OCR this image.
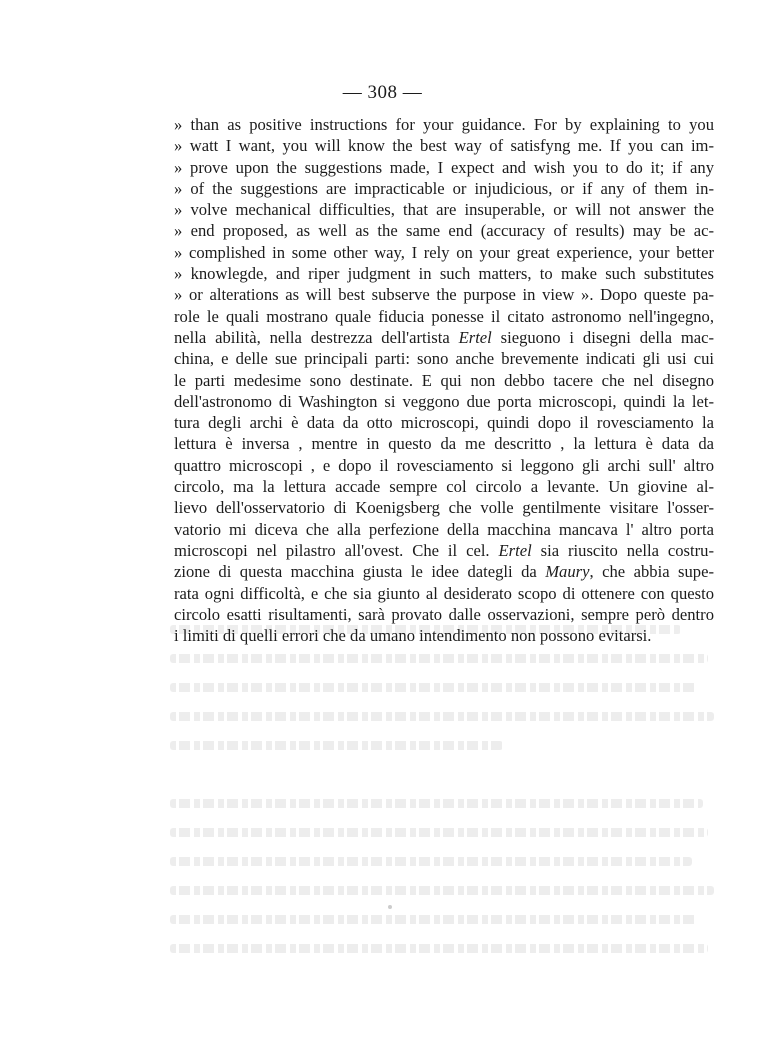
— 308 —
» than as positive instructions for your guidance. For by explaining to you
» watt I want, you will know the best way of satisfyng me. If you can im-
» prove upon the suggestions made, I expect and wish you to do it; if any
» of the suggestions are impracticable or injudicious, or if any of them in-
» volve mechanical difficulties, that are insuperable, or will not answer the
» end proposed, as well as the same end (accuracy of results) may be ac-
» complished in some other way, I rely on your great experience, your better
» knowlegde, and riper judgment in such matters, to make such substitutes
» or alterations as will best subserve the purpose in view ». Dopo queste pa-
role le quali mostrano quale fiducia ponesse il citato astronomo nell'ingegno,
nella abilità, nella destrezza dell'artista Ertel sieguono i disegni della mac-
china, e delle sue principali parti: sono anche brevemente indicati gli usi cui
le parti medesime sono destinate. E qui non debbo tacere che nel disegno
dell'astronomo di Washington si veggono due porta microscopi, quindi la let-
tura degli archi è data da otto microscopi, quindi dopo il rovesciamento la
lettura è inversa , mentre in questo da me descritto , la lettura è data da
quattro microscopi , e dopo il rovesciamento si leggono gli archi sull' altro
circolo, ma la lettura accade sempre col circolo a levante. Un giovine al-
lievo dell'osservatorio di Koenigsberg che volle gentilmente visitare l'osser-
vatorio mi diceva che alla perfezione della macchina mancava l' altro porta
microscopi nel pilastro all'ovest. Che il cel. Ertel sia riuscito nella costru-
zione di questa macchina giusta le idee dategli da Maury, che abbia supe-
rata ogni difficoltà, e che sia giunto al desiderato scopo di ottenere con questo
circolo esatti risultamenti, sarà provato dalle osservazioni, sempre però dentro
i limiti di quelli errori che da umano intendimento non possono evitarsi.
